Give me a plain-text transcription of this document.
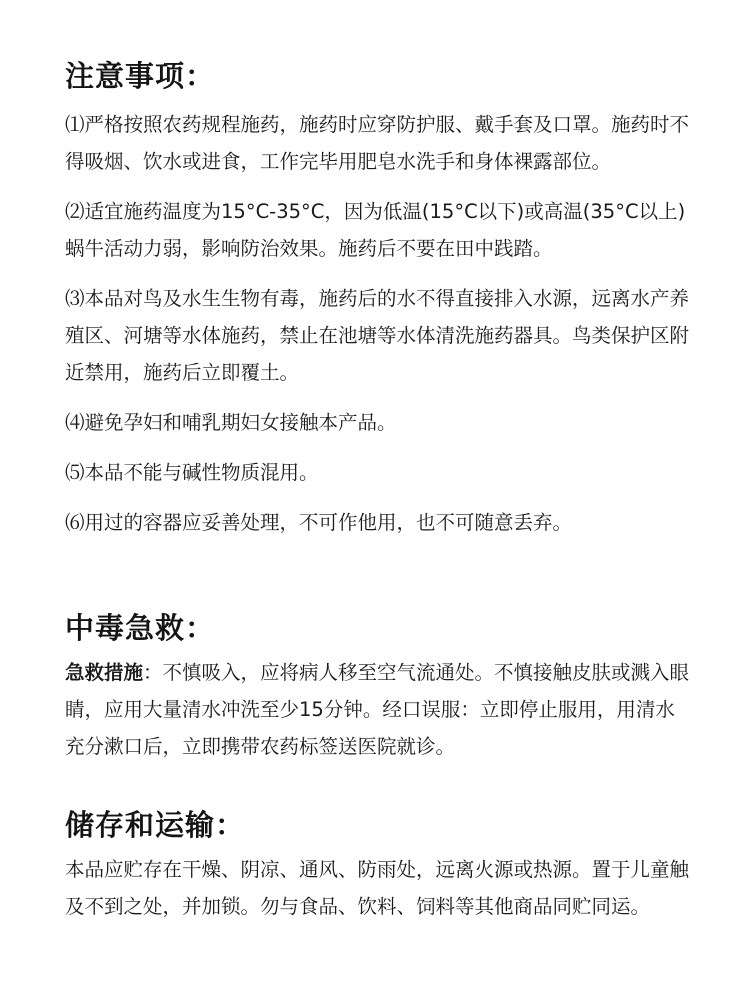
注意事项：

⑴严格按照农药规程施药，施药时应穿防护服、戴手套及口罩。施药时不得吸烟、饮水或进食，工作完毕用肥皂水洗手和身体裸露部位。

⑵适宜施药温度为15°C-35°C，因为低温(15°C以下)或高温(35°C以上) 蜗牛活动力弱，影响防治效果。施药后不要在田中践踏。

⑶本品对鸟及水生生物有毒，施药后的水不得直接排入水源，远离水产养殖区、河塘等水体施药，禁止在池塘等水体清洗施药器具。鸟类保护区附近禁用，施药后立即覆土。

⑷避免孕妇和哺乳期妇女接触本产品。

⑸本品不能与碱性物质混用。

⑹用过的容器应妥善处理，不可作他用，也不可随意丢弃。

中毒急救：

急救措施：不慎吸入，应将病人移至空气流通处。不慎接触皮肤或溅入眼睛，应用大量清水冲洗至少15分钟。经口误服：立即停止服用，用清水充分漱口后，立即携带农药标签送医院就诊。

储存和运输：

本品应贮存在干燥、阴凉、通风、防雨处，远离火源或热源。置于儿童触及不到之处，并加锁。勿与食品、饮料、饲料等其他商品同贮同运。
